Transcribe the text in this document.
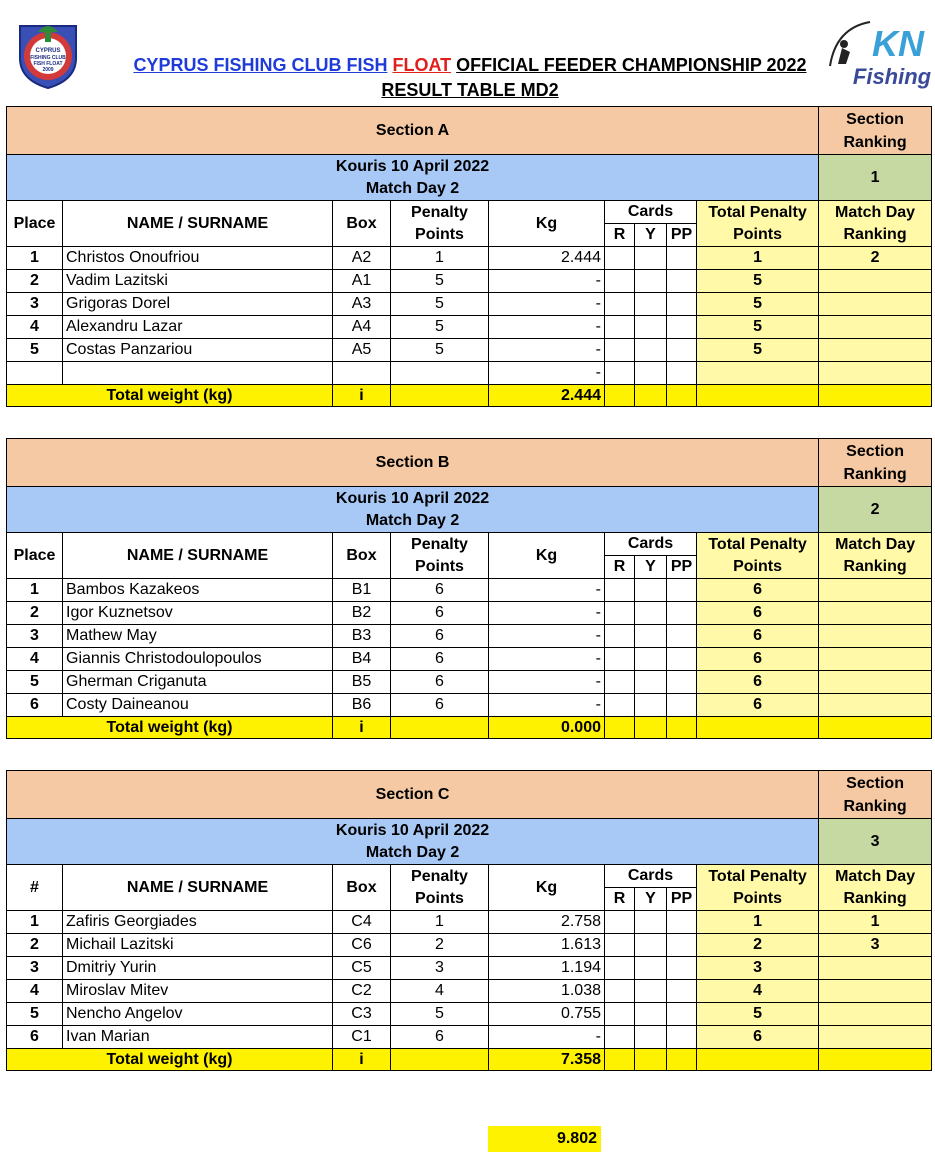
CYPRUS
FISHING CLUB
FISH FLOAT
2009
KN
Fishing
CYPRUS FISHING CLUB FISH FLOAT OFFICIAL FEEDER CHAMPIONSHIP 2022
RESULT TABLE MD2
Section A									Section Ranking

Kouris 10 April 2022
Match Day 2									1
Place	NAME / SURNAME	Box	Penalty Points	Kg	Cards			Total Penalty Points	Match Day Ranking

					R	Y	PP		
1	Christos Onoufriou	A2	1	2.444				1	2
2	Vadim Lazitski	A1	5	-				5	
3	Grigoras Dorel	A3	5	-				5	
4	Alexandru Lazar	A4	5	-				5	
5	Costas Panzariou	A5	5	-				5	
				-					
Total weight (kg)		i		2.444					
Section B									Section Ranking

Kouris 10 April 2022
Match Day 2									2
Place	NAME / SURNAME	Box	Penalty Points	Kg	Cards			Total Penalty Points	Match Day Ranking

					R	Y	PP		
1	Bambos Kazakeos	B1	6	-				6	
2	Igor Kuznetsov	B2	6	-				6	
3	Mathew May	B3	6	-				6	
4	Giannis Christodoulopoulos	B4	6	-				6	
5	Gherman Criganuta	B5	6	-				6	
6	Costy Daineanou	B6	6	-				6	
Total weight (kg)		i		0.000					
Section C									Section Ranking

Kouris 10 April 2022
Match Day 2									3
#	NAME / SURNAME	Box	Penalty Points	Kg	Cards			Total Penalty Points	Match Day Ranking

					R	Y	PP		
1	Zafiris Georgiades	C4	1	2.758				1	1
2	Michail Lazitski	C6	2	1.613				2	3
3	Dmitriy Yurin	C5	3	1.194				3	
4	Miroslav Mitev	C2	4	1.038				4	
5	Nencho Angelov	C3	5	0.755				5	
6	Ivan Marian	C1	6	-				6	
Total weight (kg)		i		7.358					
9.802
